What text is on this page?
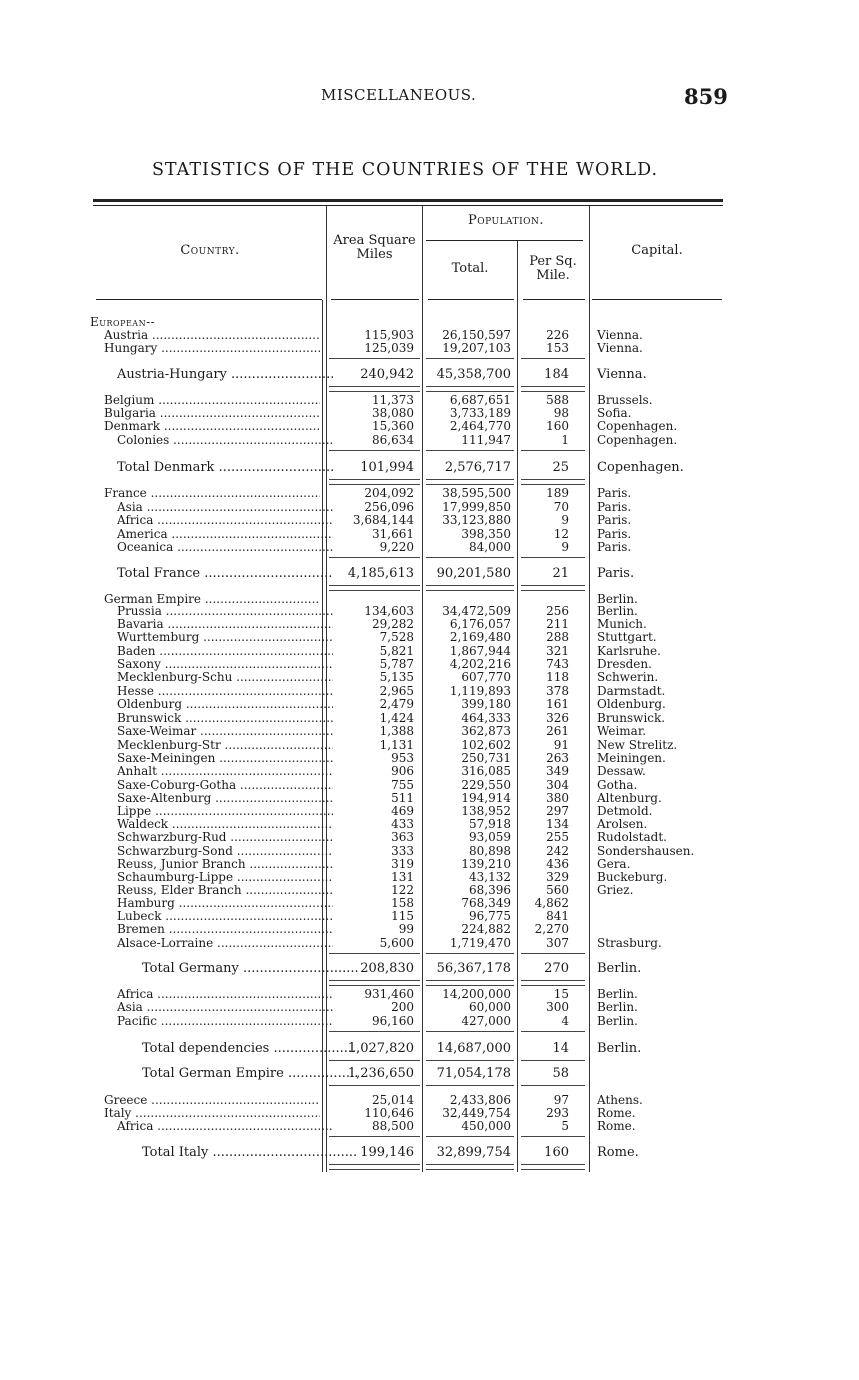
MISCELLANEOUS.	859
STATISTICS OF THE COUNTRIES OF THE WORLD.
Country.
Area Square Miles
Population.
Total.	Per Sq. Mile.
Capital.
European--
Austria .....	115,903	26,150,597	226 Vienna.
Hungary .....	125,039	19,207,103	153 Vienna.
Austria-Hungary .....	240,942	45,358,700	184 Vienna.
Belgium .....	11,373	6,687,651	588 Brussels.
Bulgaria .....	38,080	3,733,189	98 Sofia.
Denmark .....	15,360	2,464,770	160 Copenhagen.
Colonies .....	86,634	111,947	1 Copenhagen.
Total Denmark .....	101,994	2,576,717	25 Copenhagen.
France .....	204,092	38,595,500	189 Paris.
Asia .....	256,096	17,999,850	70 Paris.
Africa .....	3,684,144	33,123,880	9 Paris.
America .....	31,661	398,350	12 Paris.
Oceanica .....	9,220	84,000	9 Paris.
Total France .....	4,185,613	90,201,580	21 Paris.
German Empire .....	Berlin.
Prussia .....	134,603	34,472,509	256 Berlin.
Bavaria .....	29,282	6,176,057	211 Munich.
Wurttemburg .....	7,528	2,169,480	288 Stuttgart.
Baden .....	5,821	1,867,944	321 Karlsruhe.
Saxony .....	5,787	4,202,216	743 Dresden.
Mecklenburg-Schu .....	5,135	607,770	118 Schwerin.
Hesse .....	2,965	1,119,893	378 Darmstadt.
Oldenburg .....	2,479	399,180	161 Oldenburg.
Brunswick .....	1,424	464,333	326 Brunswick.
Saxe-Weimar .....	1,388	362,873	261 Weimar.
Mecklenburg-Str .....	1,131	102,602	91 New Strelitz.
Saxe-Meiningen .....	953	250,731	263 Meiningen.
Anhalt .....	906	316,085	349 Dessaw.
Saxe-Coburg-Gotha .....	755	229,550	304 Gotha.
Saxe-Altenburg .....	511	194,914	380 Altenburg.
Lippe .....	469	138,952	297 Detmold.
Waldeck .....	433	57,918	134 Arolsen.
Schwarzburg-Rud .....	363	93,059	255 Rudolstadt.
Schwarzburg-Sond .....	333	80,898	242 Sondershausen.
Reuss, Junior Branch .....	319	139,210	436 Gera.
Schaumburg-Lippe .....	131	43,132	329 Buckeburg.
Reuss, Elder Branch .....	122	68,396	560 Griez.
Hamburg .....	158	768,349	4,862
Lubeck .....	115	96,775	841
Bremen .....	99	224,882	2,270
Alsace-Lorraine .....	5,600	1,719,470	307 Strasburg.
Total Germany .....	208,830	56,367,178	270 Berlin.
Africa .....	931,460	14,200,000	15 Berlin.
Asia .....	200	60,000	300 Berlin.
Pacific .....	96,160	427,000	4 Berlin.
Total dependencies .....	1,027,820	14,687,000	14 Berlin.
Total German Empire .....	1,236,650	71,054,178	58
Greece .....	25,014	2,433,806	97 Athens.
Italy .....	110,646	32,449,754	293 Rome.
Africa .....	88,500	450,000	5 Rome.
Total Italy .....	199,146	32,899,754	160 Rome.
